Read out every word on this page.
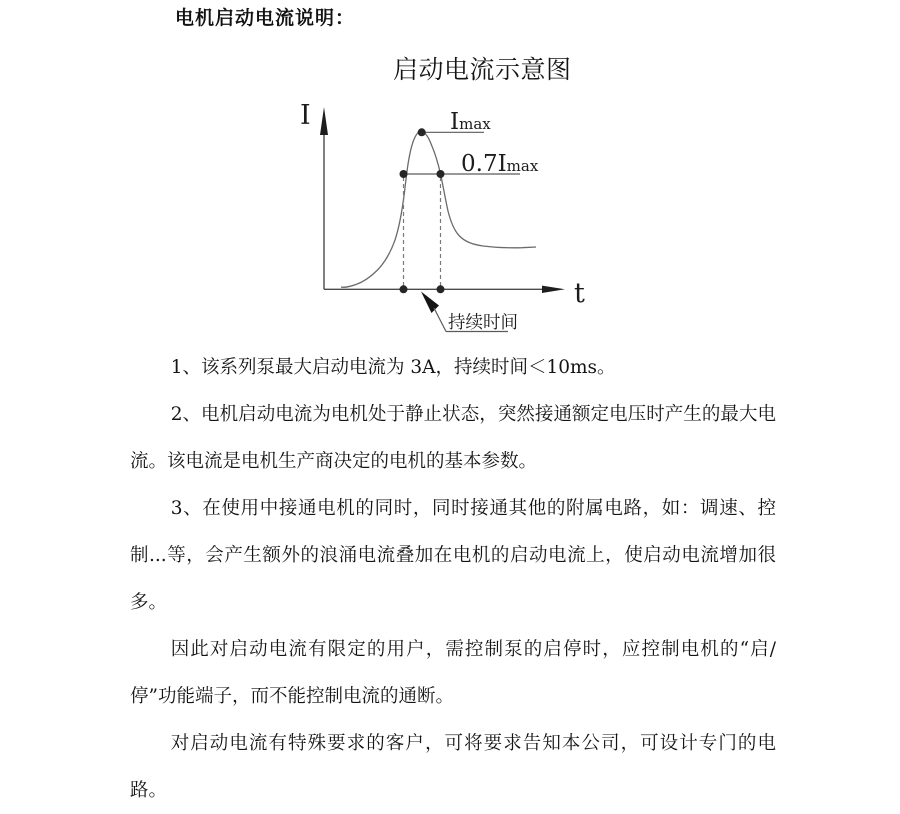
电机启动电流说明：
启动电流示意图
I
t
Imax
0.7Imax
持续时间

1、该系列泵最大启动电流为 3A，持续时间＜10ms。

2、电机启动电流为电机处于静止状态，突然接通额定电压时产生的最大电流。该电流是电机生产商决定的电机的基本参数。

3、在使用中接通电机的同时，同时接通其他的附属电路，如：调速、控制...等，会产生额外的浪涌电流叠加在电机的启动电流上，使启动电流增加很多。

因此对启动电流有限定的用户，需控制泵的启停时，应控制电机的“启/停”功能端子，而不能控制电流的通断。

对启动电流有特殊要求的客户，可将要求告知本公司，可设计专门的电路。
